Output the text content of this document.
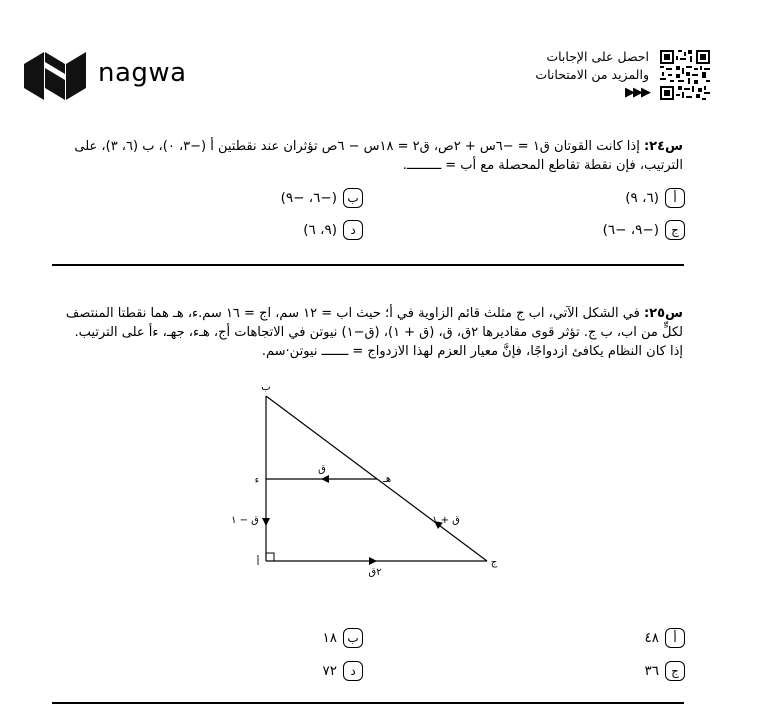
nagwa
احصل على الإجابات
والمزيد من الامتحانات
▶▶▶
س٢٤: إذا كانت القوتان ق١ = −٦س + ٢ص، ق٢ = ١٨س − ٦ص تؤثران عند نقطتين أ (−٣، ٠)، ب (٦، ٣)، على
الترتيب، فإن نقطة تقاطع المحصلة مع أب = ـــــــــ.
أ
(٦، ٩)
ب
(−٦، −٩)
ج
(−٩، −٦)
د
(٩، ٦)
س٢٥: في الشكل الآتي، اب ج مثلث قائم الزاوية في أ؛ حيث اب = ١٢ سم، اج = ١٦ سم.ء، هـ هما نقطتا المنتصف
لكلٍّ من اب، ب ج. تؤثر قوى مقاديرها ٢ق، ق، (ق + ١)، (ق−١) نيوتن في الاتجاهات أج، هـء، جهـ، ءأ على الترتيب.
إذا كان النظام يكافئ ازدواجًا، فإنَّ معيار العزم لهذا الازدواج = ـــــــ نيوتن·سم.
ب
ء	هـ
أ	ج
ق
ق − ١	ق + ١
٢ق
أ
٤٨
ب
١٨
ج
٣٦
د
٧٢
